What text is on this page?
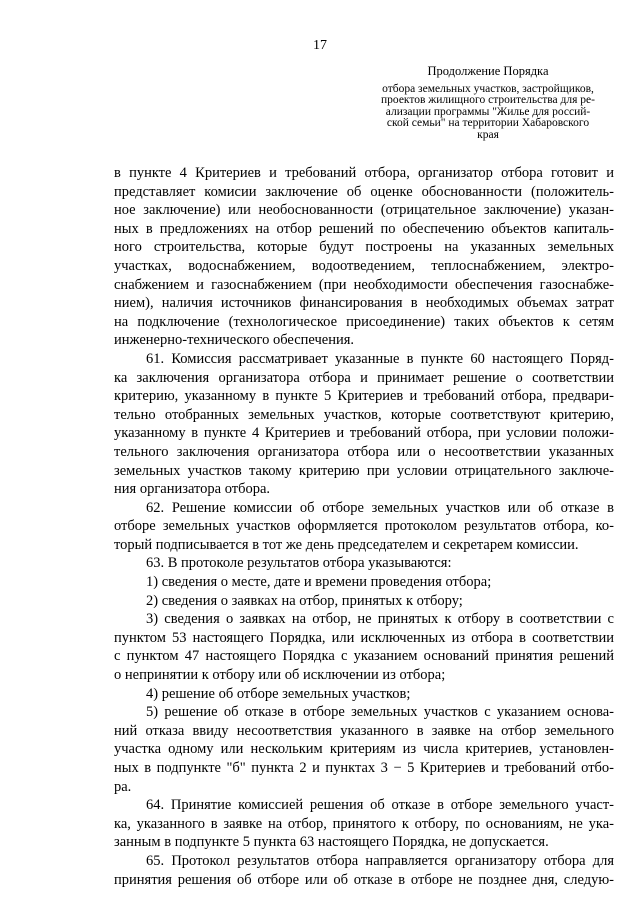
17
Продолжение Порядка
отбора земельных участков, застройщиков,
проектов жилищного строительства для ре-
ализации программы "Жилье для россий-
ской семьи" на территории Хабаровского
края
в пункте 4 Критериев и требований отбора, организатор отбора готовит и
представляет комисии заключение об оценке обоснованности (положитель-
ное заключение) или необоснованности (отрицательное заключение) указан-
ных в предложениях на отбор решений по обеспечению объектов капиталь-
ного строительства, которые будут построены на указанных земельных
участках, водоснабжением, водоотведением, теплоснабжением, электро-
снабжением и газоснабжением (при необходимости обеспечения газоснабже-
нием), наличия источников финансирования в необходимых объемах затрат
на подключение (технологическое присоединение) таких объектов к сетям
инженерно-технического обеспечения.
61. Комиссия рассматривает указанные в пункте 60 настоящего Поряд-
ка заключения организатора отбора и принимает решение о соответствии
критерию, указанному в пункте 5 Критериев и требований отбора, предвари-
тельно отобранных земельных участков, которые соответствуют критерию,
указанному в пункте 4 Критериев и требований отбора, при условии положи-
тельного заключения организатора отбора или о несоответствии указанных
земельных участков такому критерию при условии отрицательного заключе-
ния организатора отбора.
62. Решение комиссии об отборе земельных участков или об отказе в
отборе земельных участков оформляется протоколом результатов отбора, ко-
торый подписывается в тот же день председателем и секретарем комиссии.
63. В протоколе результатов отбора указываются:
1) сведения о месте, дате и времени проведения отбора;
2) сведения о заявках на отбор, принятых к отбору;
3) сведения о заявках на отбор, не принятых к отбору в соответствии с
пунктом 53 настоящего Порядка, или исключенных из отбора в соответствии
с пунктом 47 настоящего Порядка с указанием оснований принятия решений
о непринятии к отбору или об исключении из отбора;
4) решение об отборе земельных участков;
5) решение об отказе в отборе земельных участков с указанием основа-
ний отказа ввиду несоответствия указанного в заявке на отбор земельного
участка одному или нескольким критериям из числа критериев, установлен-
ных в подпункте "б" пункта 2 и пунктах 3 − 5 Критериев и требований отбо-
ра.
64. Принятие комиссией решения об отказе в отборе земельного участ-
ка, указанного в заявке на отбор, принятого к отбору, по основаниям, не ука-
занным в подпункте 5 пункта 63 настоящего Порядка, не допускается.
65. Протокол результатов отбора направляется организатору отбора для
принятия решения об отборе или об отказе в отборе не позднее дня, следую-
